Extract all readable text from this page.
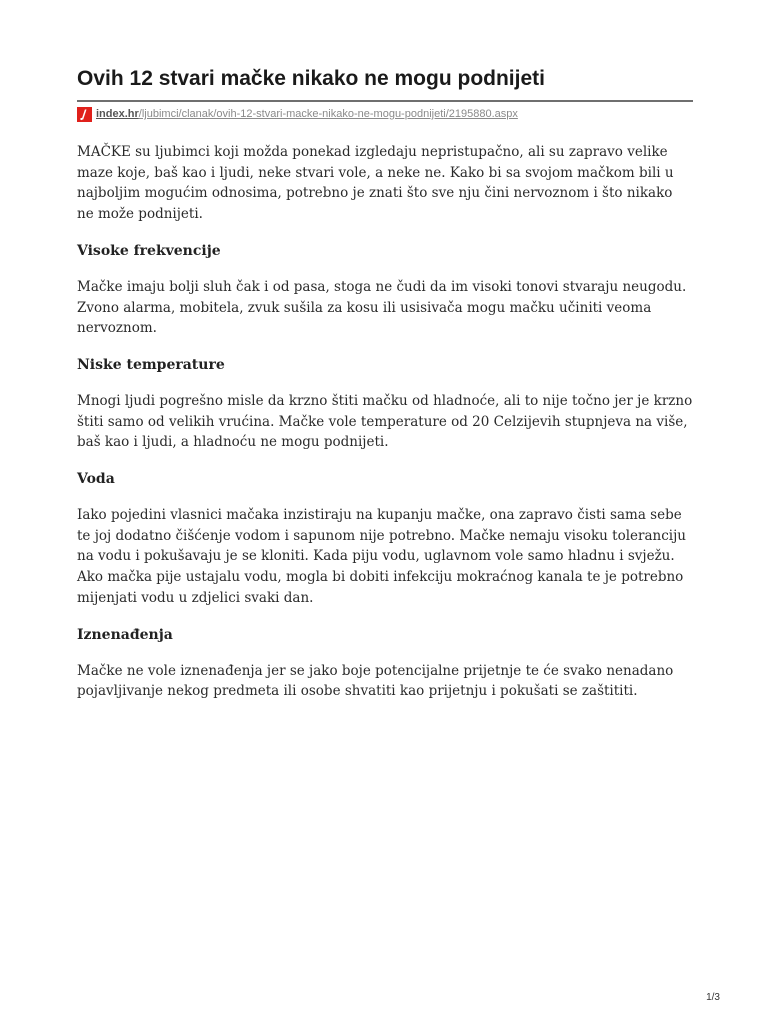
Ovih 12 stvari mačke nikako ne mogu podnijeti
index.hr /ljubimci/clanak/ovih-12-stvari-macke-nikako-ne-mogu-podnijeti/2195880.aspx

MAČKE su ljubimci koji možda ponekad izgledaju nepristupačno, ali su zapravo velike maze koje, baš kao i ljudi, neke stvari vole, a neke ne. Kako bi sa svojom mačkom bili u najboljim mogućim odnosima, potrebno je znati što sve nju čini nervoznom i što nikako ne može podnijeti.

Visoke frekvencije

Mačke imaju bolji sluh čak i od pasa, stoga ne čudi da im visoki tonovi stvaraju neugodu. Zvono alarma, mobitela, zvuk sušila za kosu ili usisivača mogu mačku učiniti veoma nervoznom.

Niske temperature

Mnogi ljudi pogrešno misle da krzno štiti mačku od hladnoće, ali to nije točno jer je krzno štiti samo od velikih vrućina. Mačke vole temperature od 20 Celzijevih stupnjeva na više, baš kao i ljudi, a hladnoću ne mogu podnijeti.

Voda

Iako pojedini vlasnici mačaka inzistiraju na kupanju mačke, ona zapravo čisti sama sebe te joj dodatno čišćenje vodom i sapunom nije potrebno. Mačke nemaju visoku toleranciju na vodu i pokušavaju je se kloniti. Kada piju vodu, uglavnom vole samo hladnu i svježu. Ako mačka pije ustajalu vodu, mogla bi dobiti infekciju mokraćnog kanala te je potrebno mijenjati vodu u zdjelici svaki dan.

Iznenađenja

Mačke ne vole iznenađenja jer se jako boje potencijalne prijetnje te će svako nenadano pojavljivanje nekog predmeta ili osobe shvatiti kao prijetnju i pokušati se zaštititi.

1/3
